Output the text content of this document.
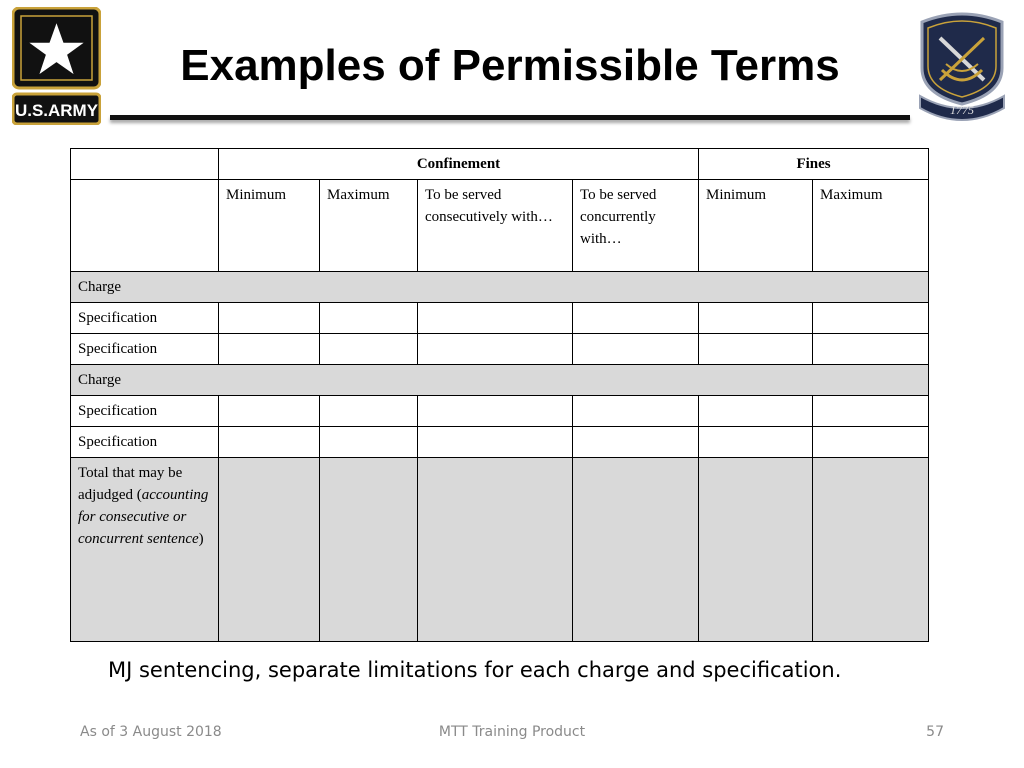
U.S.ARMY
Examples of Permissible Terms
1775
	Confinement				Fines	
	Minimum	Maximum	To be served consecutively with…	To be served concurrently with…	Minimum	Maximum
Charge						
Specification						
Specification						
Charge						
Specification						
Specification						
Total that may be adjudged (accounting for consecutive or concurrent sentence)						
MJ sentencing, separate limitations for each charge and specification.
As of 3 August 2018	MTT Training Product	57
